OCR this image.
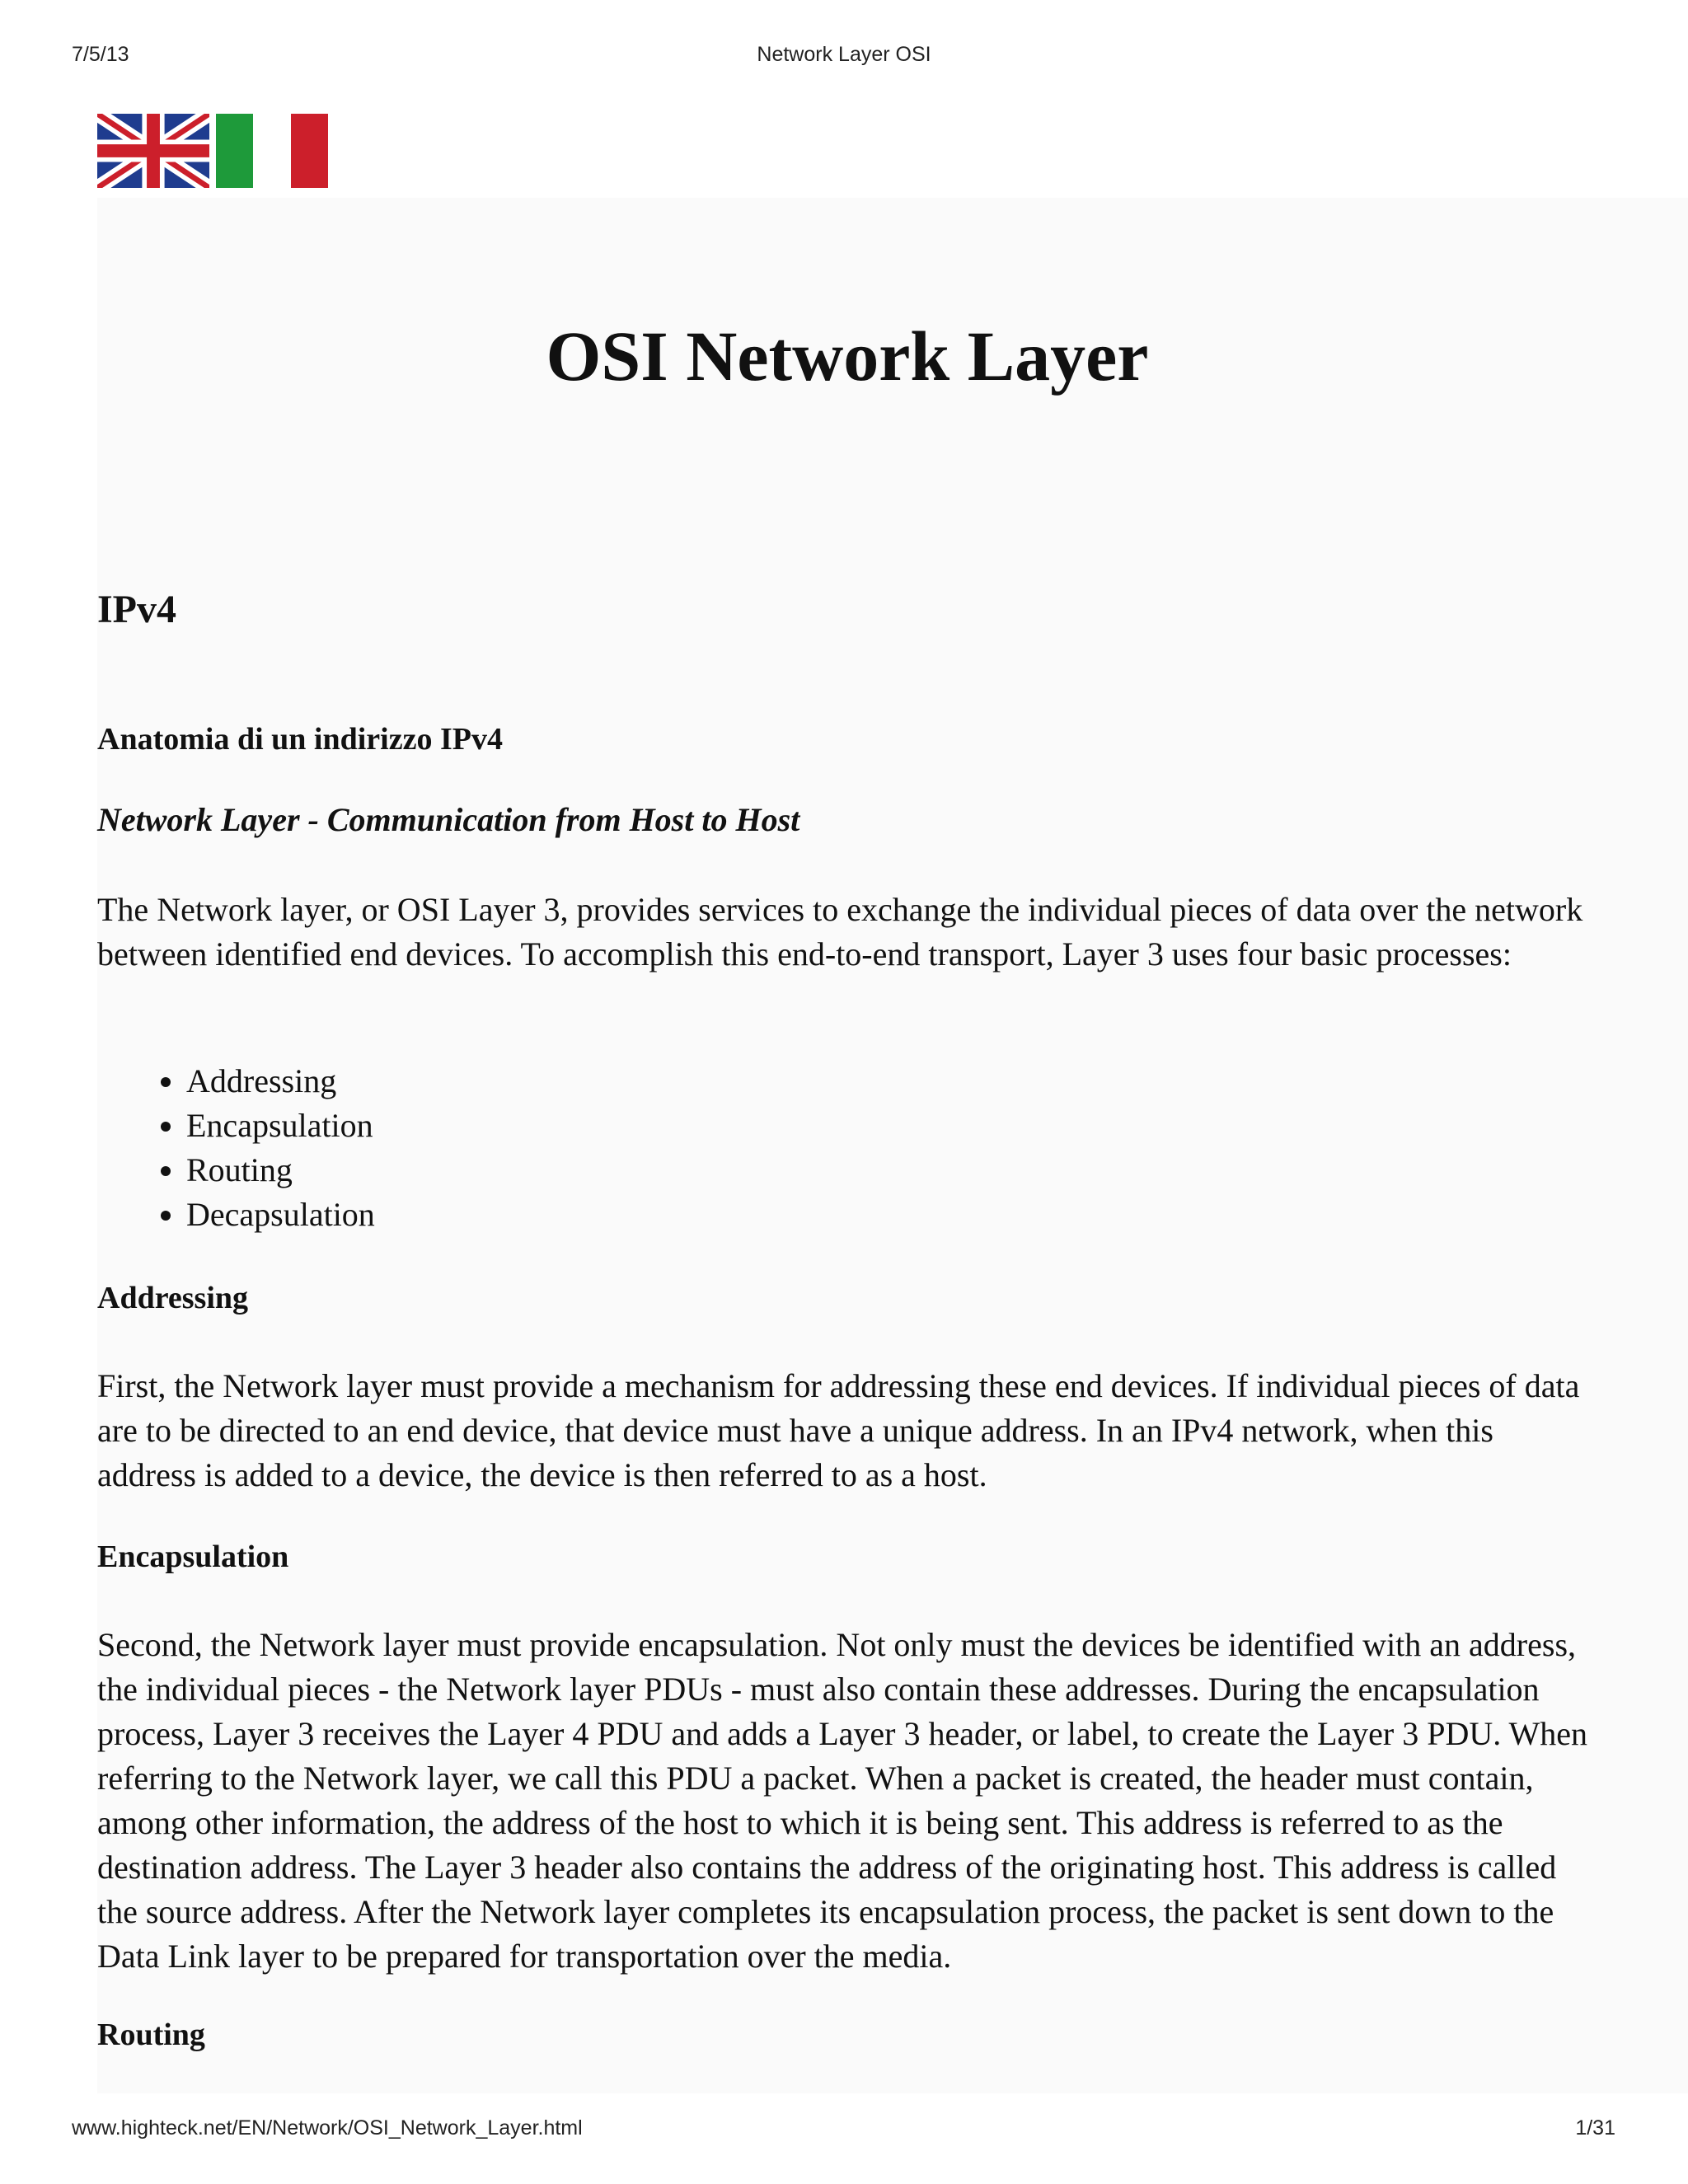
7/5/13	Network Layer OSI
OSI Network Layer
IPv4
Anatomia di un indirizzo IPv4

Network Layer - Communication from Host to Host

The Network layer, or OSI Layer 3, provides services to exchange the individual pieces of data over the network between identified end devices. To accomplish this end-to-end transport, Layer 3 uses four basic processes:

• Addressing
• Encapsulation
• Routing
• Decapsulation
Addressing

First, the Network layer must provide a mechanism for addressing these end devices. If individual pieces of data are to be directed to an end device, that device must have a unique address. In an IPv4 network, when this address is added to a device, the device is then referred to as a host.

Encapsulation

Second, the Network layer must provide encapsulation. Not only must the devices be identified with an address, the individual pieces - the Network layer PDUs - must also contain these addresses. During the encapsulation process, Layer 3 receives the Layer 4 PDU and adds a Layer 3 header, or label, to create the Layer 3 PDU. When referring to the Network layer, we call this PDU a packet. When a packet is created, the header must contain, among other information, the address of the host to which it is being sent. This address is referred to as the destination address. The Layer 3 header also contains the address of the originating host. This address is called the source address. After the Network layer completes its encapsulation process, the packet is sent down to the Data Link layer to be prepared for transportation over the media.

Routing
www.highteck.net/EN/Network/OSI_Network_Layer.html	1/31
